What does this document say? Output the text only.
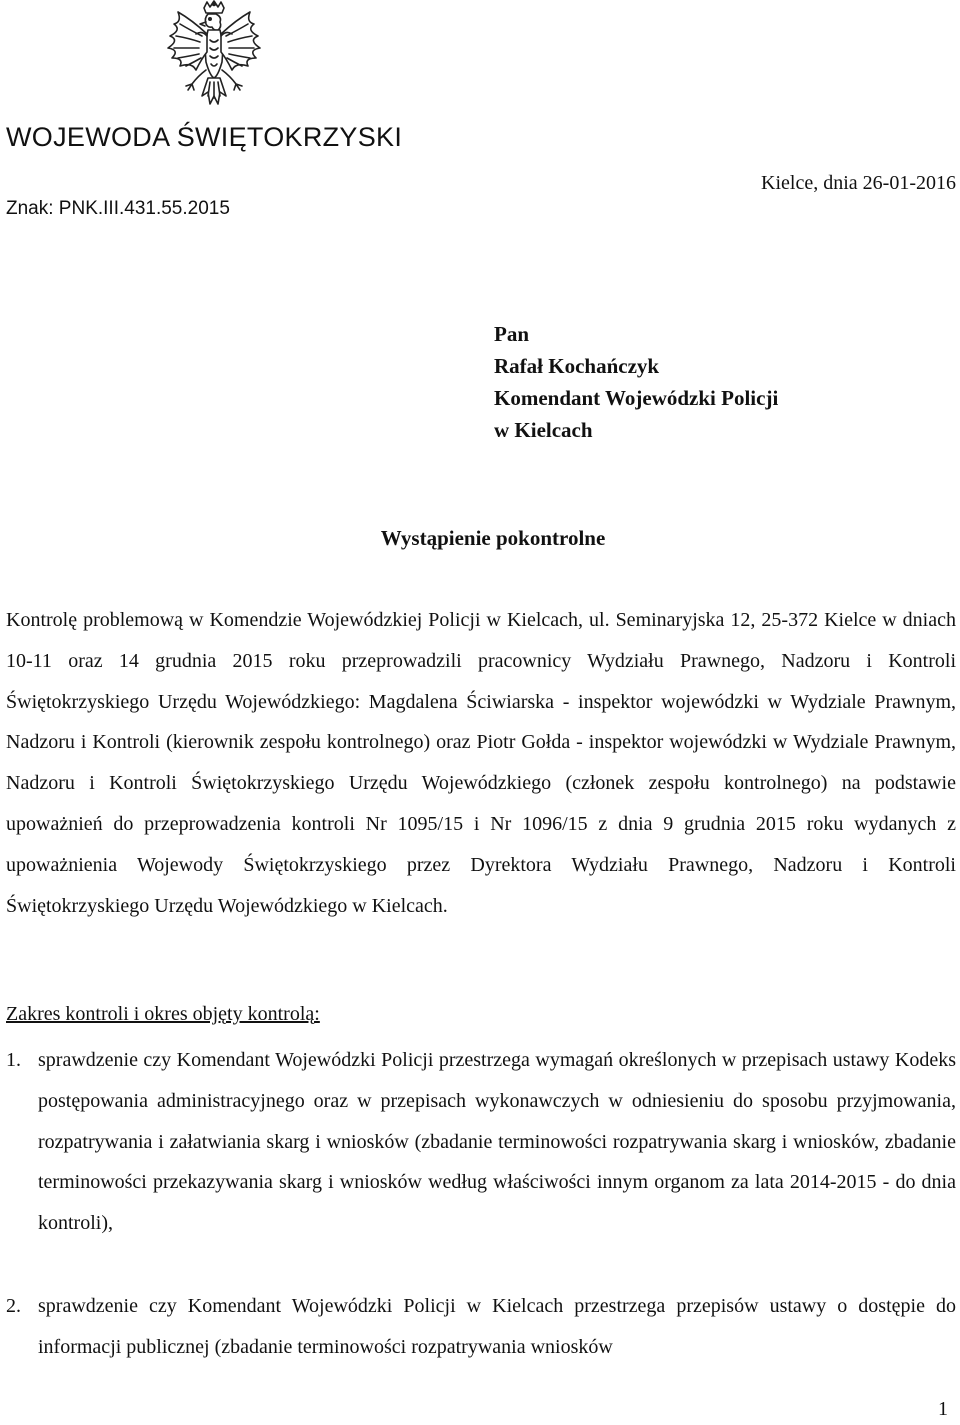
WOJEWODA ŚWIĘTOKRZYSKI
Kielce, dnia 26-01-2016
Znak: PNK.III.431.55.2015
Pan
Rafał Kochańczyk
Komendant Wojewódzki Policji
w Kielcach
Wystąpienie pokontrolne
Kontrolę problemową w Komendzie Wojewódzkiej Policji w Kielcach, ul. Seminaryjska 12, 25-372 Kielce w dniach 10-11 oraz 14 grudnia 2015 roku przeprowadzili pracownicy Wydziału Prawnego, Nadzoru i Kontroli Świętokrzyskiego Urzędu Wojewódzkiego: Magdalena Ściwiarska - inspektor wojewódzki w Wydziale Prawnym, Nadzoru i Kontroli (kierownik zespołu kontrolnego) oraz Piotr Gołda - inspektor wojewódzki w Wydziale Prawnym, Nadzoru i Kontroli Świętokrzyskiego Urzędu Wojewódzkiego (członek zespołu kontrolnego) na podstawie upoważnień do przeprowadzenia kontroli Nr 1095/15 i Nr 1096/15 z dnia 9 grudnia 2015 roku wydanych z upoważnienia Wojewody Świętokrzyskiego przez Dyrektora Wydziału Prawnego, Nadzoru i Kontroli Świętokrzyskiego Urzędu Wojewódzkiego w Kielcach.
Zakres kontroli i okres objęty kontrolą:
1. sprawdzenie czy Komendant Wojewódzki Policji przestrzega wymagań określonych w przepisach ustawy Kodeks postępowania administracyjnego oraz w przepisach wykonawczych w odniesieniu do sposobu przyjmowania, rozpatrywania i załatwiania skarg i wniosków (zbadanie terminowości rozpatrywania skarg i wniosków, zbadanie terminowości przekazywania skarg i wniosków według właściwości innym organom za lata 2014-2015 - do dnia kontroli),
2. sprawdzenie czy Komendant Wojewódzki Policji w Kielcach przestrzega przepisów ustawy o dostępie do informacji publicznej (zbadanie terminowości rozpatrywania wniosków
1
